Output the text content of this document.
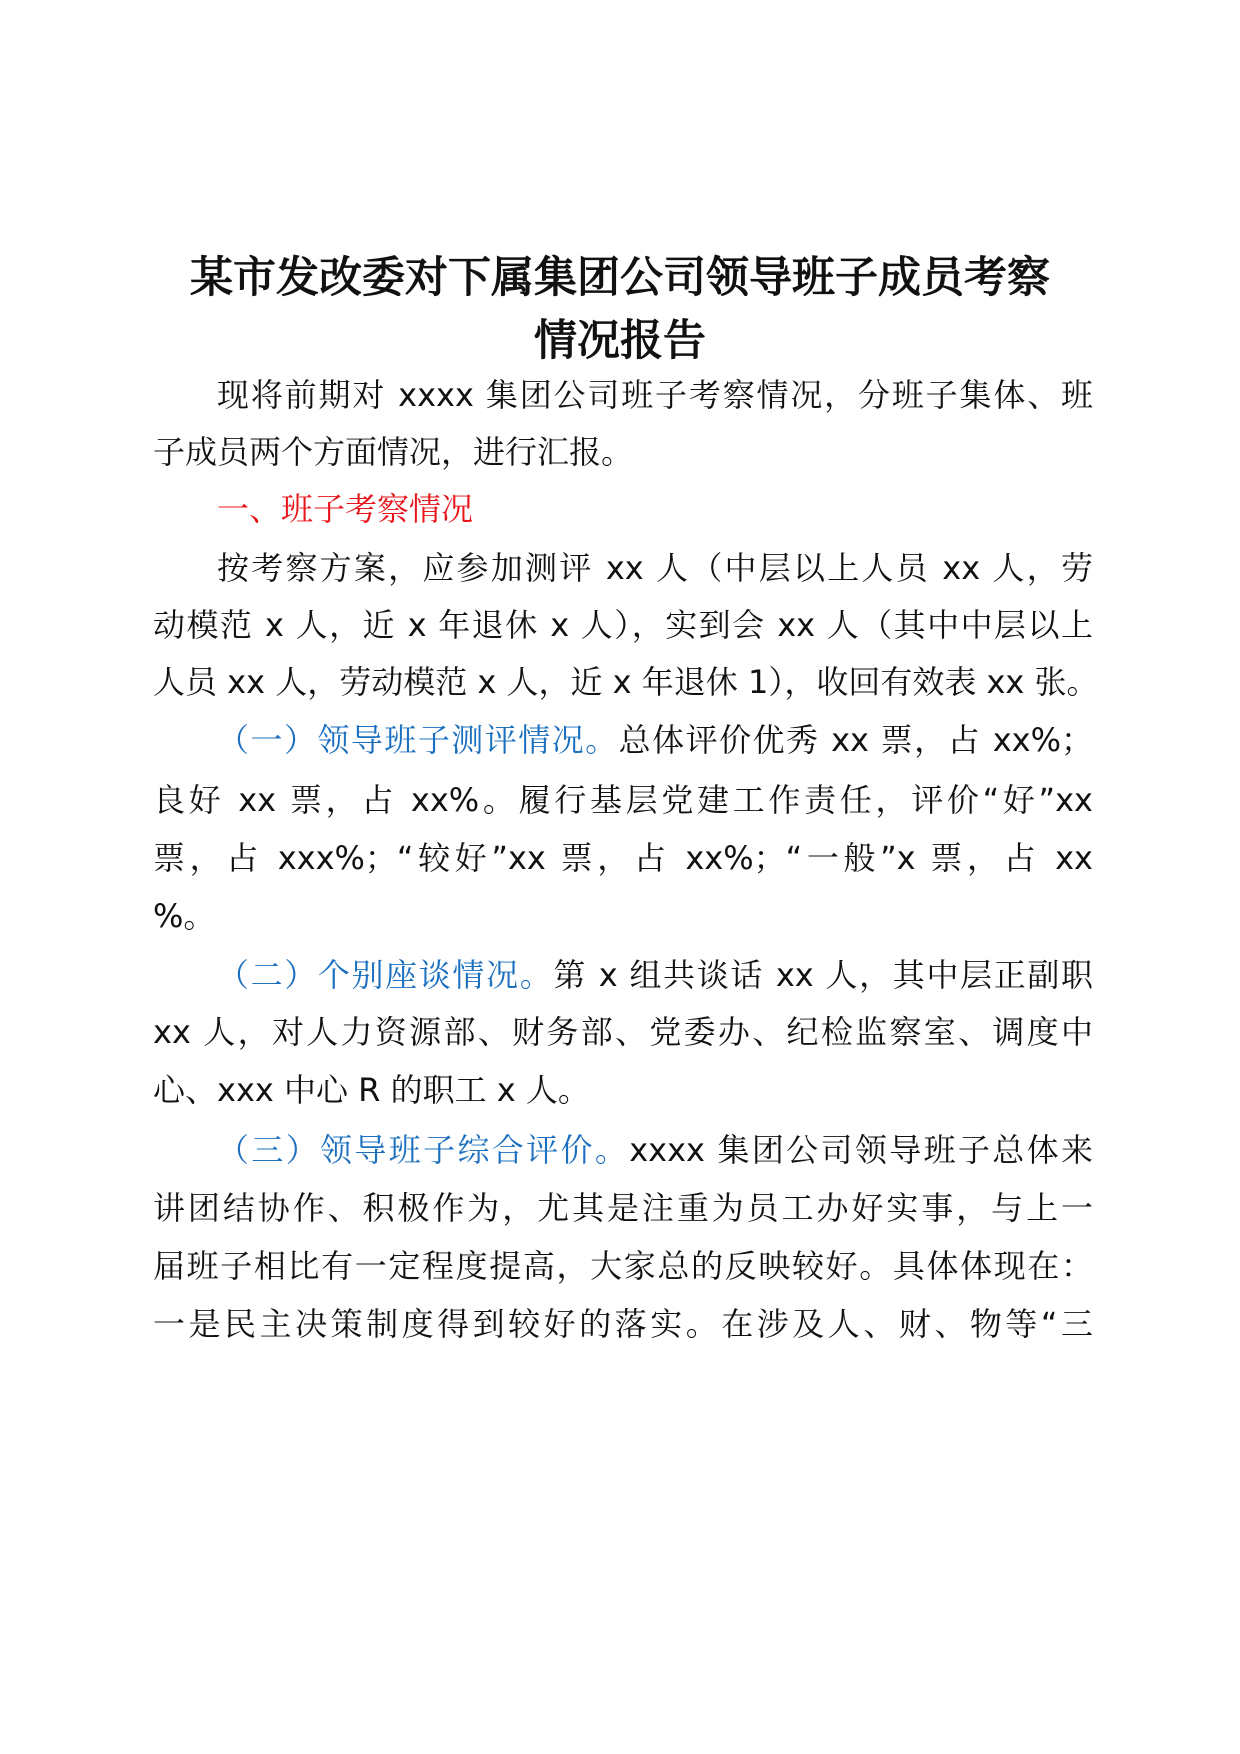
某市发改委对下属集团公司领导班子成员考察
情况报告
现将前期对 xxxx 集团公司班子考察情况，分班子集体、班
子成员两个方面情况，进行汇报。
一、班子考察情况
按考察方案，应参加测评 xx 人（中层以上人员 xx 人，劳
动模范 x 人，近 x 年退休 x 人），实到会 xx 人（其中中层以上
人员 xx 人，劳动模范 x 人，近 x 年退休 1），收回有效表 xx 张。
（一）领导班子测评情况。总体评价优秀 xx 票，占 xx%；
良好 xx 票，占 xx%。履行基层党建工作责任，评价“好”xx
票，占 xxx%；“较好”xx 票，占 xx%；“一般”x 票，占 xx
%。
（二）个别座谈情况。第 x 组共谈话 xx 人，其中层正副职
xx 人，对人力资源部、财务部、党委办、纪检监察室、调度中
心、xxx 中心 R 的职工 x 人。
（三）领导班子综合评价。xxxx 集团公司领导班子总体来
讲团结协作、积极作为，尤其是注重为员工办好实事，与上一
届班子相比有一定程度提高，大家总的反映较好。具体体现在：
一是民主决策制度得到较好的落实。在涉及人、财、物等“三
